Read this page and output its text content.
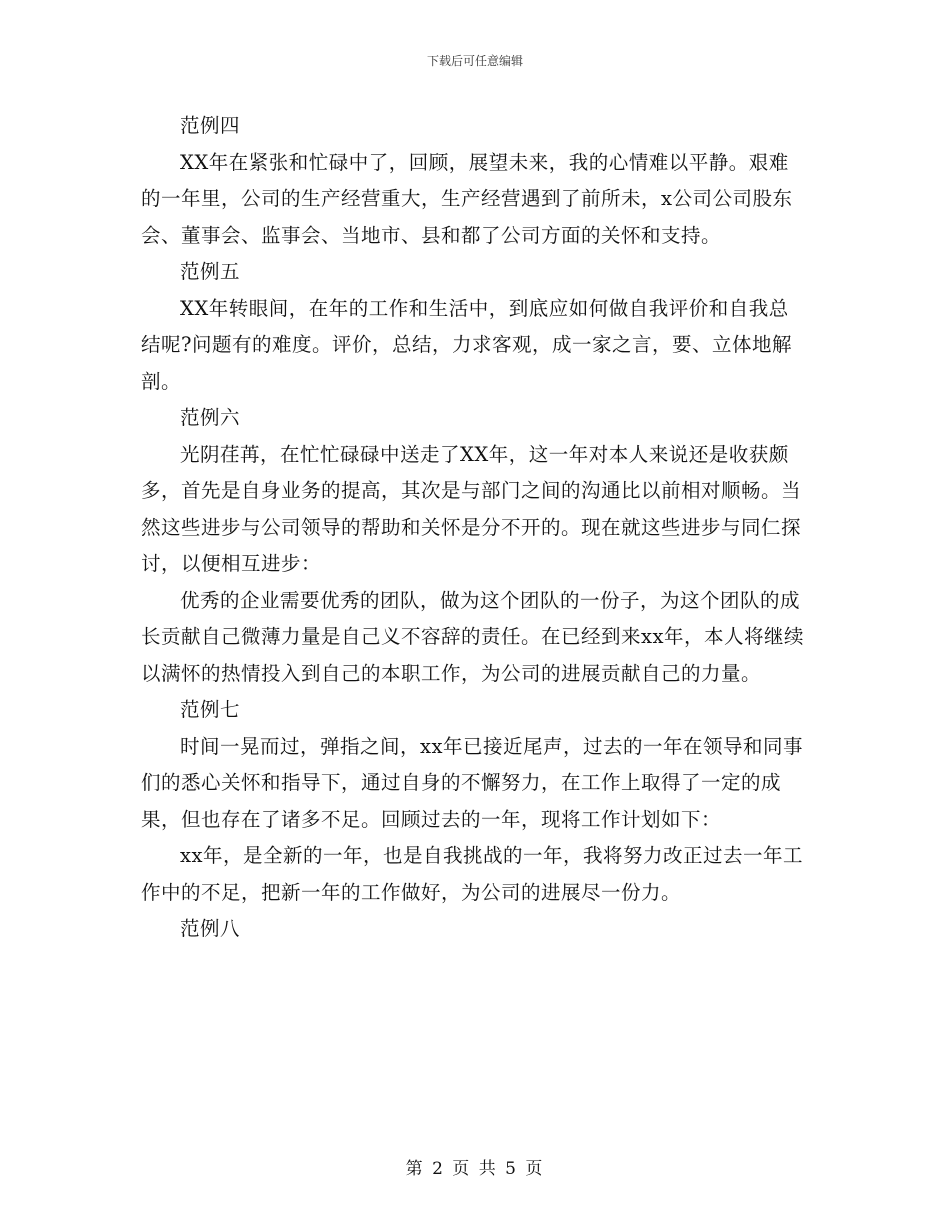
下载后可任意编辑

范例四

XX年在紧张和忙碌中了，回顾，展望未来，我的心情难以平静。艰难的一年里，公司的生产经营重大，生产经营遇到了前所未，x公司公司股东会、董事会、监事会、当地市、县和都了公司方面的关怀和支持。

范例五

XX年转眼间，在年的工作和生活中，到底应如何做自我评价和自我总结呢?问题有的难度。评价，总结，力求客观，成一家之言，要、立体地解剖。

范例六

光阴荏苒，在忙忙碌碌中送走了XX年，这一年对本人来说还是收获颇多，首先是自身业务的提高，其次是与部门之间的沟通比以前相对顺畅。当然这些进步与公司领导的帮助和关怀是分不开的。现在就这些进步与同仁探讨，以便相互进步：

优秀的企业需要优秀的团队，做为这个团队的一份子，为这个团队的成长贡献自己微薄力量是自己义不容辞的责任。在已经到来xx年，本人将继续以满怀的热情投入到自己的本职工作，为公司的进展贡献自己的力量。

范例七

时间一晃而过，弹指之间，xx年已接近尾声，过去的一年在领导和同事们的悉心关怀和指导下，通过自身的不懈努力，在工作上取得了一定的成果，但也存在了诸多不足。回顾过去的一年，现将工作计划如下：

xx年，是全新的一年，也是自我挑战的一年，我将努力改正过去一年工作中的不足，把新一年的工作做好，为公司的进展尽一份力。

范例八

第 2 页 共 5 页
